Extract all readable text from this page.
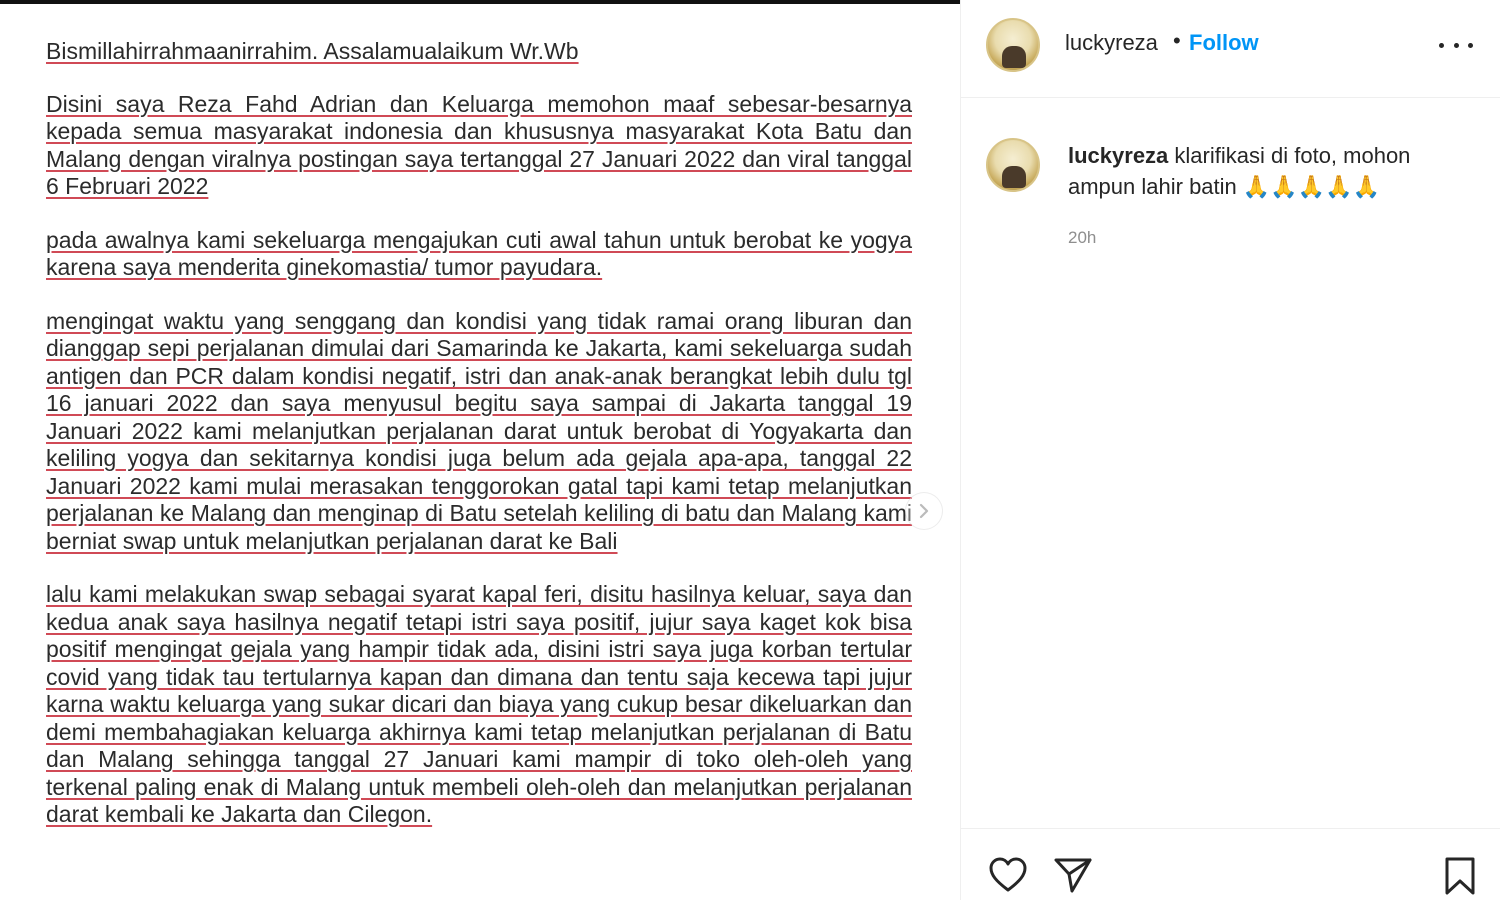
Bismillahirrahmaanirrahim. Assalamualaikum Wr.Wb

Disini saya Reza Fahd Adrian dan Keluarga memohon maaf sebesar-besarnya kepada semua masyarakat indonesia dan khususnya masyarakat Kota Batu dan Malang dengan viralnya postingan saya tertanggal 27 Januari 2022 dan viral tanggal 6 Februari 2022

pada awalnya kami sekeluarga mengajukan cuti awal tahun untuk berobat ke yogya karena saya menderita ginekomastia/ tumor payudara.

mengingat waktu yang senggang dan kondisi yang tidak ramai orang liburan dan dianggap sepi perjalanan dimulai dari Samarinda ke Jakarta, kami sekeluarga sudah antigen dan PCR dalam kondisi negatif, istri dan anak-anak berangkat lebih dulu tgl 16 januari 2022 dan saya menyusul begitu saya sampai di Jakarta tanggal 19 Januari 2022 kami melanjutkan perjalanan darat untuk berobat di Yogyakarta dan keliling yogya dan sekitarnya kondisi juga belum ada gejala apa-apa, tanggal 22 Januari 2022 kami mulai merasakan tenggorokan gatal tapi kami tetap melanjutkan perjalanan ke Malang dan menginap di Batu setelah keliling di batu dan Malang kami berniat swap untuk melanjutkan perjalanan darat ke Bali

lalu kami melakukan swap sebagai syarat kapal feri, disitu hasilnya keluar, saya dan kedua anak saya hasilnya negatif tetapi istri saya positif, jujur saya kaget kok bisa positif mengingat gejala yang hampir tidak ada, disini istri saya juga korban tertular covid yang tidak tau tertularnya kapan dan dimana dan tentu saja kecewa tapi jujur karna waktu keluarga yang sukar dicari dan biaya yang cukup besar dikeluarkan dan demi membahagiakan keluarga akhirnya kami tetap melanjutkan perjalanan di Batu dan Malang sehingga tanggal 27 Januari kami mampir di toko oleh-oleh yang terkenal paling enak di Malang untuk membeli oleh-oleh dan melanjutkan perjalanan darat kembali ke Jakarta dan Cilegon.

luckyreza • Follow
luckyreza klarifikasi di foto, mohon ampun lahir batin 🙏🙏🙏🙏🙏
20h
